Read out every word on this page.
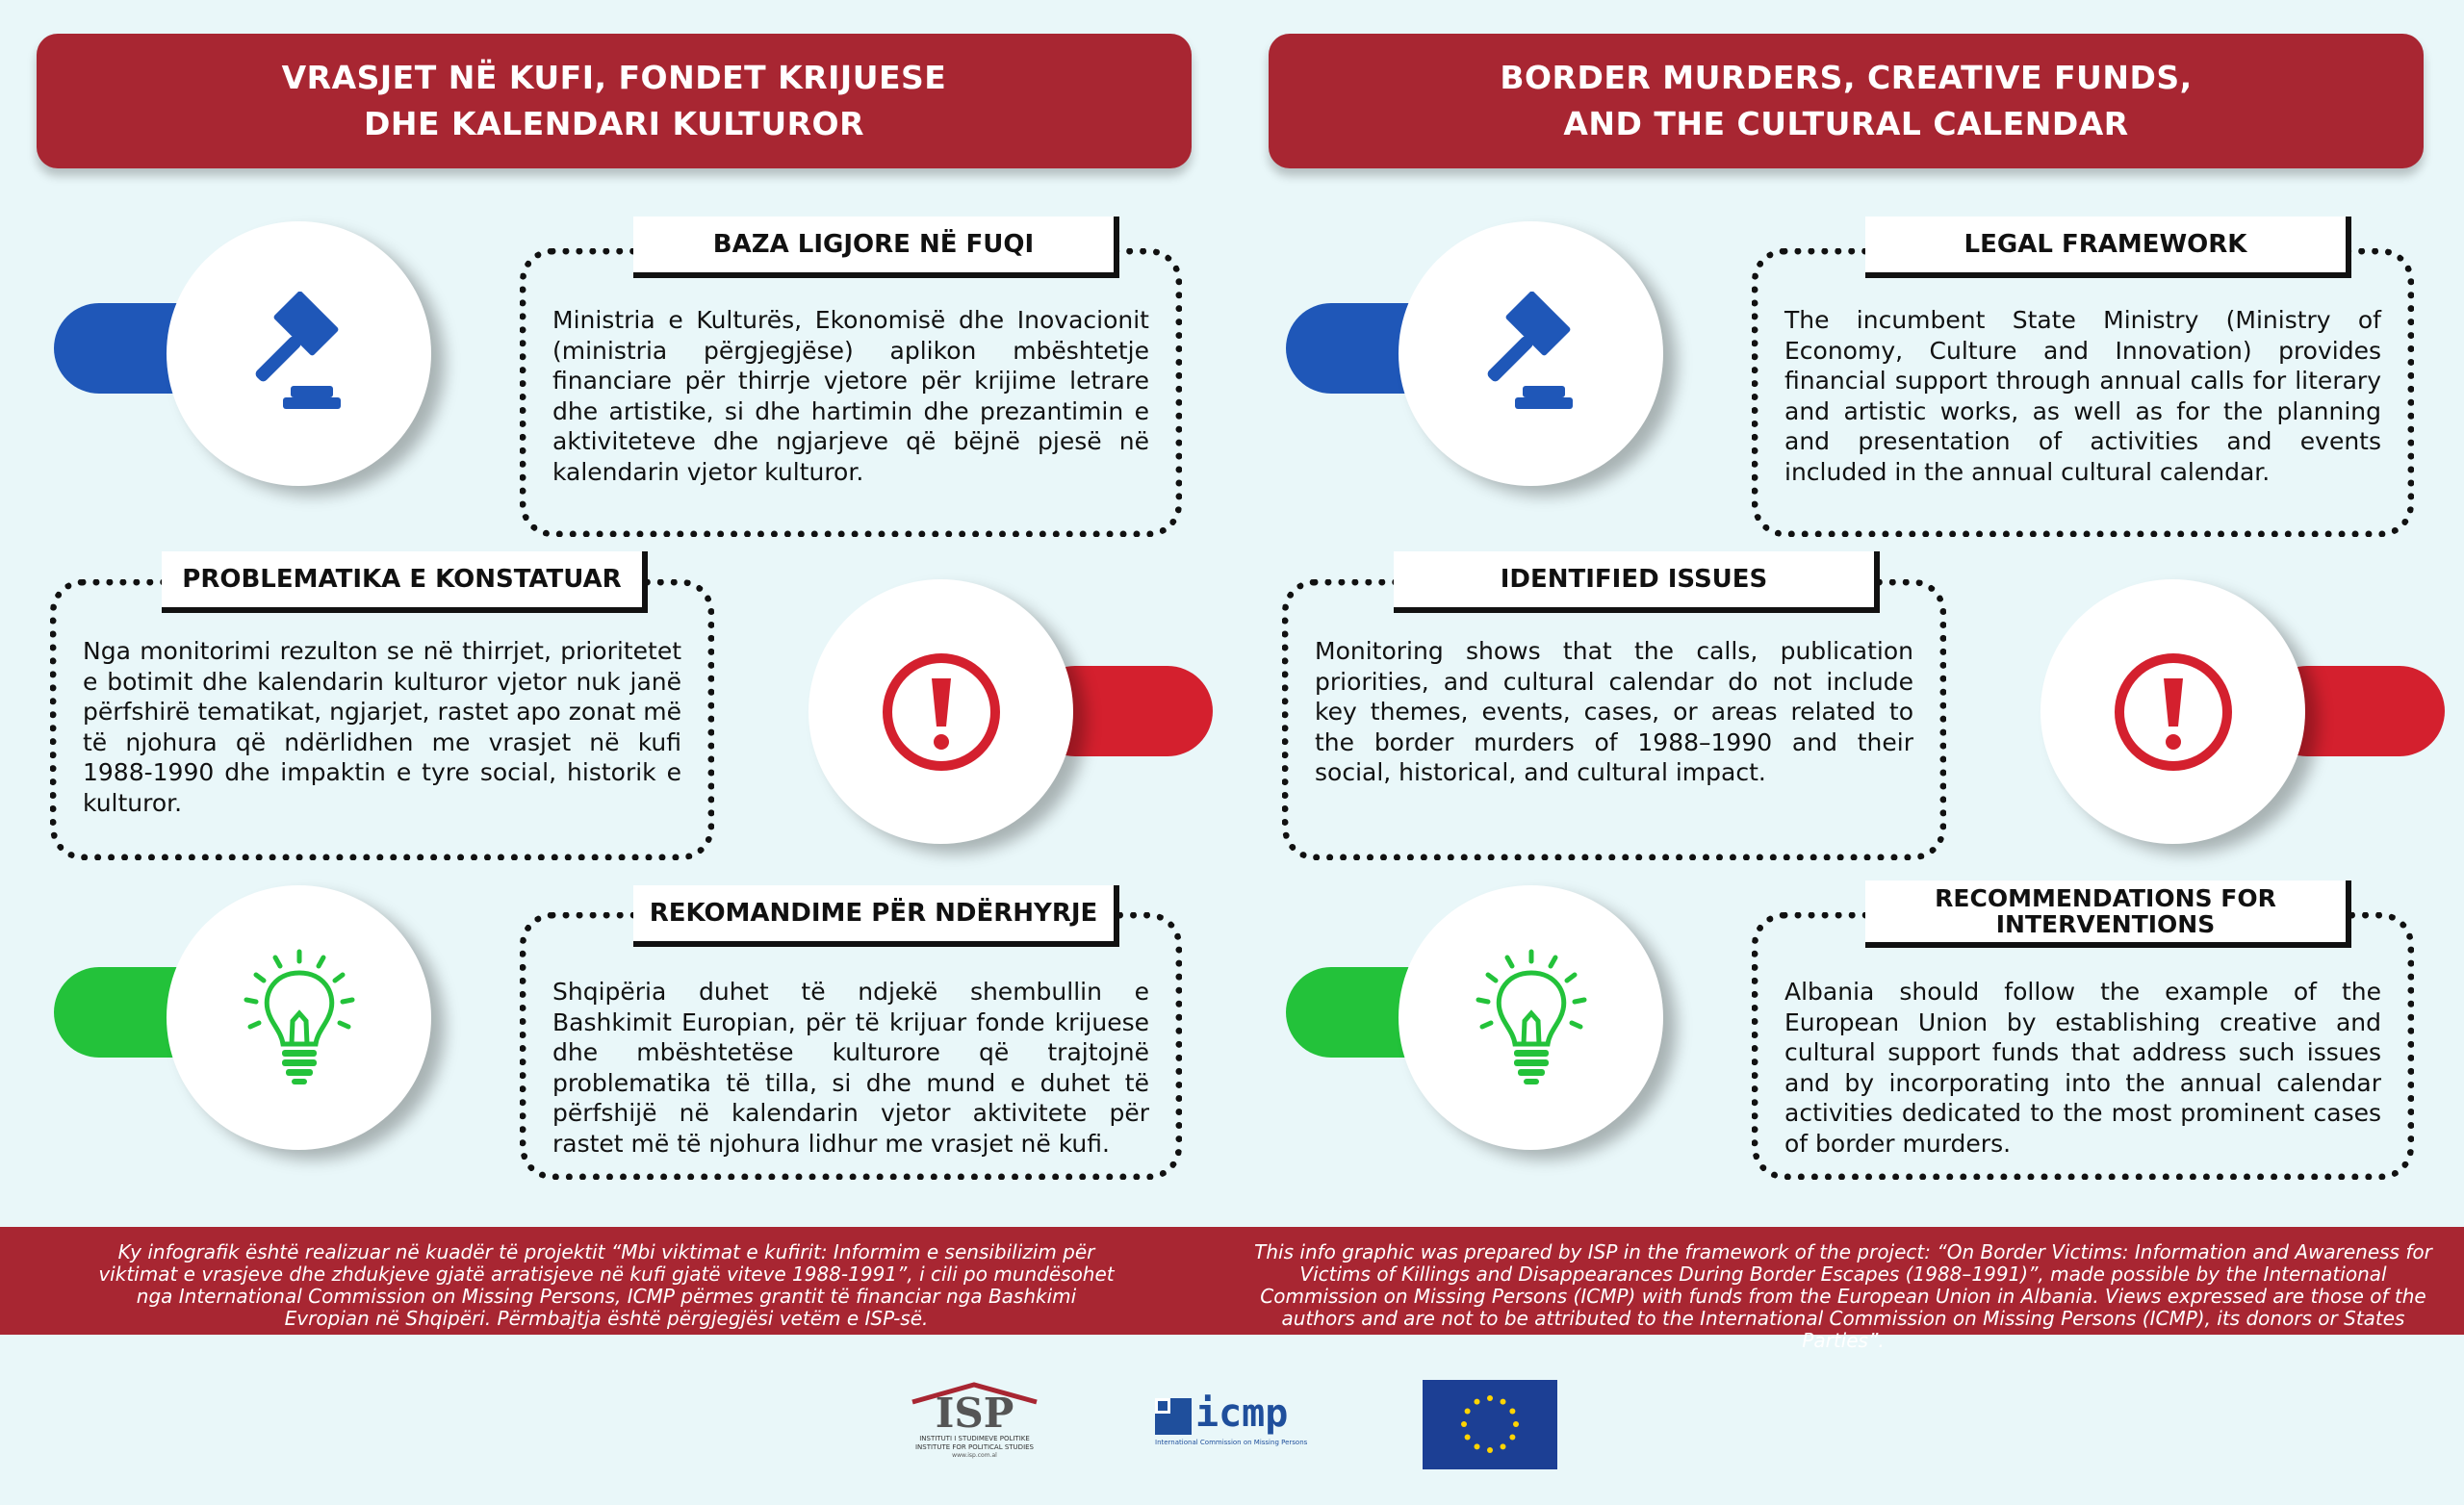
VRASJET NË KUFI, FONDET KRIJUESE DHE KALENDARI KULTUROR
Ministria e Kulturës, Ekonomisë dhe Inovacionit (ministria përgjegjëse) aplikon mbështetje financiare për thirrje vjetore për krijime letrare dhe artistike, si dhe hartimin dhe prezantimin e aktiviteteve dhe ngjarjeve që bëjnë pjesë në kalendarin vjetor kulturor.
BAZA LIGJORE NË FUQI
Nga monitorimi rezulton se në thirrjet, prioritetet e botimit dhe kalendarin kulturor vjetor nuk janë përfshirë tematikat, ngjarjet, rastet apo zonat më të njohura që ndërlidhen me vrasjet në kufi 1988-1990 dhe impaktin e tyre social, historik e kulturor.
PROBLEMATIKA E KONSTATUAR
Shqipëria duhet të ndjekë shembullin e Bashkimit Europian, për të krijuar fonde krijuese dhe mbështetëse kulturore që trajtojnë problematika të tilla, si dhe mund e duhet të përfshijë në kalendarin vjetor aktivitete për rastet më të njohura lidhur me vrasjet në kufi.
REKOMANDIME PËR NDËRHYRJE
BORDER MURDERS, CREATIVE FUNDS, AND THE CULTURAL CALENDAR
The incumbent State Ministry (Ministry of Economy, Culture and Innovation) provides financial support through annual calls for literary and artistic works, as well as for the planning and presentation of activities and events included in the annual cultural calendar.
LEGAL FRAMEWORK
Monitoring shows that the calls, publication priorities, and cultural calendar do not include key themes, events, cases, or areas related to the border murders of 1988–1990 and their social, historical, and cultural impact.
IDENTIFIED ISSUES
Albania should follow the example of the European Union by establishing creative and cultural support funds that address such issues and by incorporating into the annual calendar activities dedicated to the most prominent cases of border murders.
RECOMMENDATIONS FOR INTERVENTIONS
Ky infografik është realizuar në kuadër të projektit “Mbi viktimat e kufirit: Informim e sensibilizim për viktimat e vrasjeve dhe zhdukjeve gjatë arratisjeve në kufi gjatë viteve 1988-1991”, i cili po mundësohet nga International Commission on Missing Persons, ICMP përmes grantit të financiar nga Bashkimi Evropian në Shqipëri. Përmbajtja është përgjegjësi vetëm e ISP-së.
This info graphic was prepared by ISP in the framework of the project: “On Border Victims: Information and Awareness for Victims of Killings and Disappearances During Border Escapes (1988–1991)”, made possible by the International Commission on Missing Persons (ICMP) with funds from the European Union in Albania. Views expressed are those of the authors and are not to be attributed to the International Commission on Missing Persons (ICMP), its donors or States Parties”.
ISP
INSTITUTI I STUDIMEVE POLITIKE
INSTITUTE FOR POLITICAL STUDIES
www.isp.com.al
icmp
International Commission on Missing Persons
